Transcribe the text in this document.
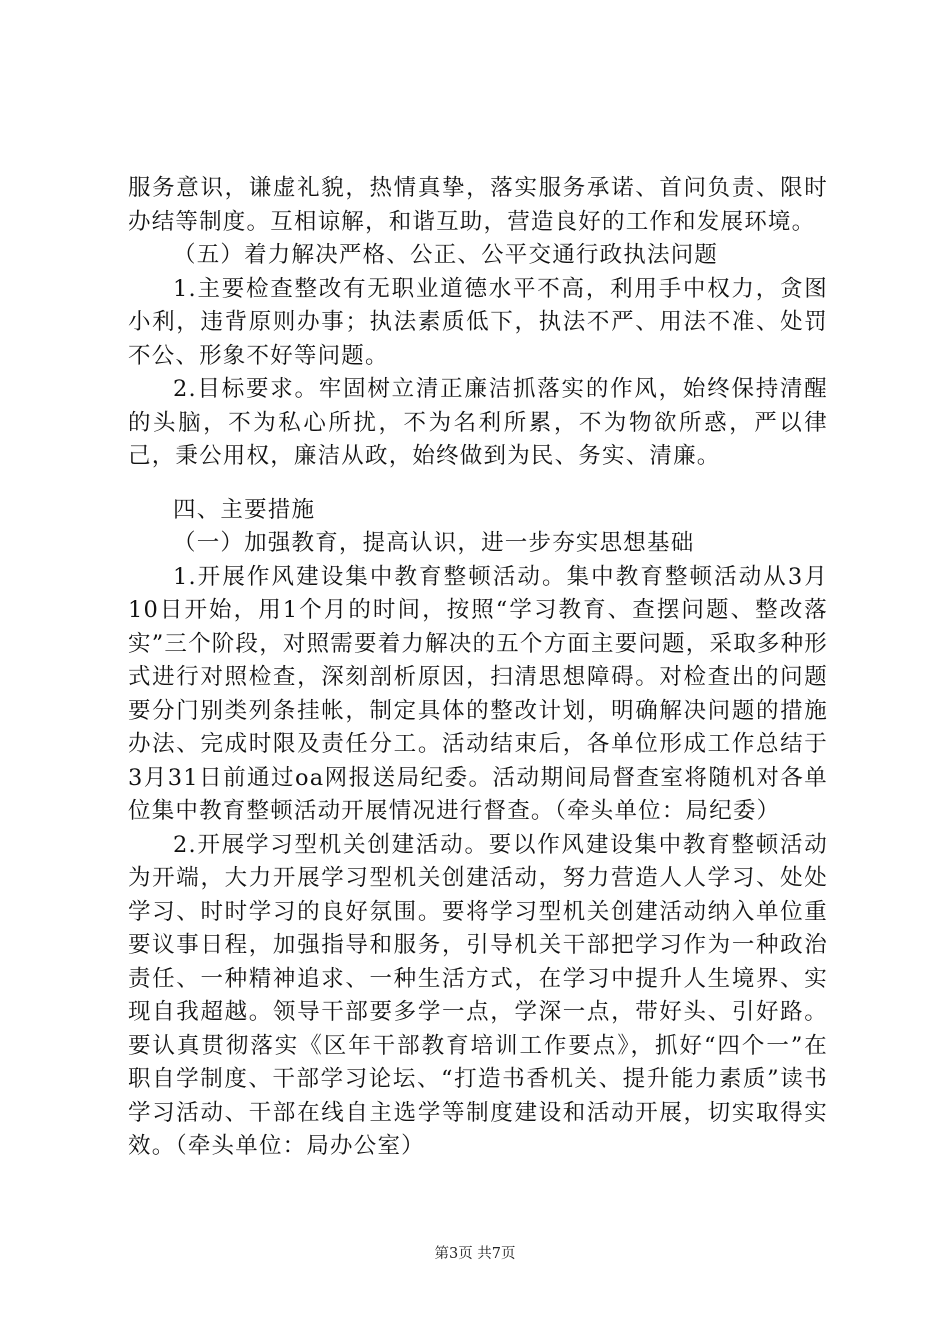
服务意识，谦虚礼貌，热情真挚，落实服务承诺、首问负责、限时办结等制度。互相谅解，和谐互助，营造良好的工作和发展环境。

（五）着力解决严格、公正、公平交通行政执法问题

1.主要检查整改有无职业道德水平不高，利用手中权力，贪图小利，违背原则办事；执法素质低下，执法不严、用法不准、处罚不公、形象不好等问题。

2.目标要求。牢固树立清正廉洁抓落实的作风，始终保持清醒的头脑，不为私心所扰，不为名利所累，不为物欲所惑，严以律己，秉公用权，廉洁从政，始终做到为民、务实、清廉。

四、主要措施

（一）加强教育，提高认识，进一步夯实思想基础

1.开展作风建设集中教育整顿活动。集中教育整顿活动从3月10日开始，用1个月的时间，按照“学习教育、查摆问题、整改落实”三个阶段，对照需要着力解决的五个方面主要问题，采取多种形式进行对照检查，深刻剖析原因，扫清思想障碍。对检查出的问题要分门别类列条挂帐，制定具体的整改计划，明确解决问题的措施办法、完成时限及责任分工。活动结束后，各单位形成工作总结于3月31日前通过oa网报送局纪委。活动期间局督查室将随机对各单位集中教育整顿活动开展情况进行督查。（牵头单位：局纪委）

2.开展学习型机关创建活动。要以作风建设集中教育整顿活动为开端，大力开展学习型机关创建活动，努力营造人人学习、处处学习、时时学习的良好氛围。要将学习型机关创建活动纳入单位重要议事日程，加强指导和服务，引导机关干部把学习作为一种政治责任、一种精神追求、一种生活方式，在学习中提升人生境界、实现自我超越。领导干部要多学一点，学深一点，带好头、引好路。要认真贯彻落实《区年干部教育培训工作要点》，抓好“四个一”在职自学制度、干部学习论坛、“打造书香机关、提升能力素质”读书学习活动、干部在线自主选学等制度建设和活动开展，切实取得实效。（牵头单位：局办公室）

第3页 共7页
